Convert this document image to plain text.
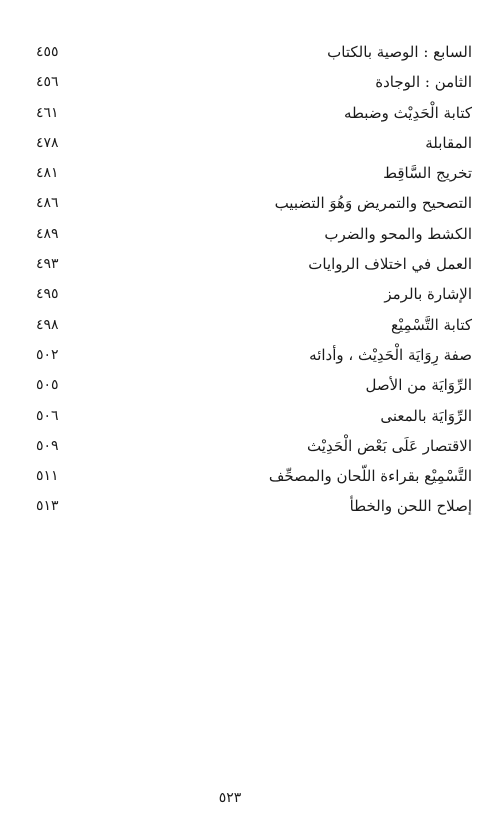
السابع : الوصية بالكتاب
٤٥٥
الثامن : الوجادة
٤٥٦
كتابة الْحَدِيْث وضبطه
٤٦١
المقابلة
٤٧٨
تخريج السَّاقِط
٤٨١
التصحيح والتمريض وَهُوَ التضبيب
٤٨٦
الكشط والمحو والضرب
٤٨٩
العمل في اختلاف الروايات
٤٩٣
الإشارة بالرمز
٤٩٥
كتابة التَّسْمِيْع
٤٩٨
صفة رِوَايَة الْحَدِيْث ، وأدائه
٥٠٢
الرِّوَايَة من الأصل
٥٠٥
الرِّوَايَة بالمعنى
٥٠٦
الاقتصار عَلَى بَعْض الْحَدِيْث
٥٠٩
التَّسْمِيْع بقراءة اللّحان والمصحِّف
٥١١
إصلاح اللحن والخطأ
٥١٣
٥٢٣
